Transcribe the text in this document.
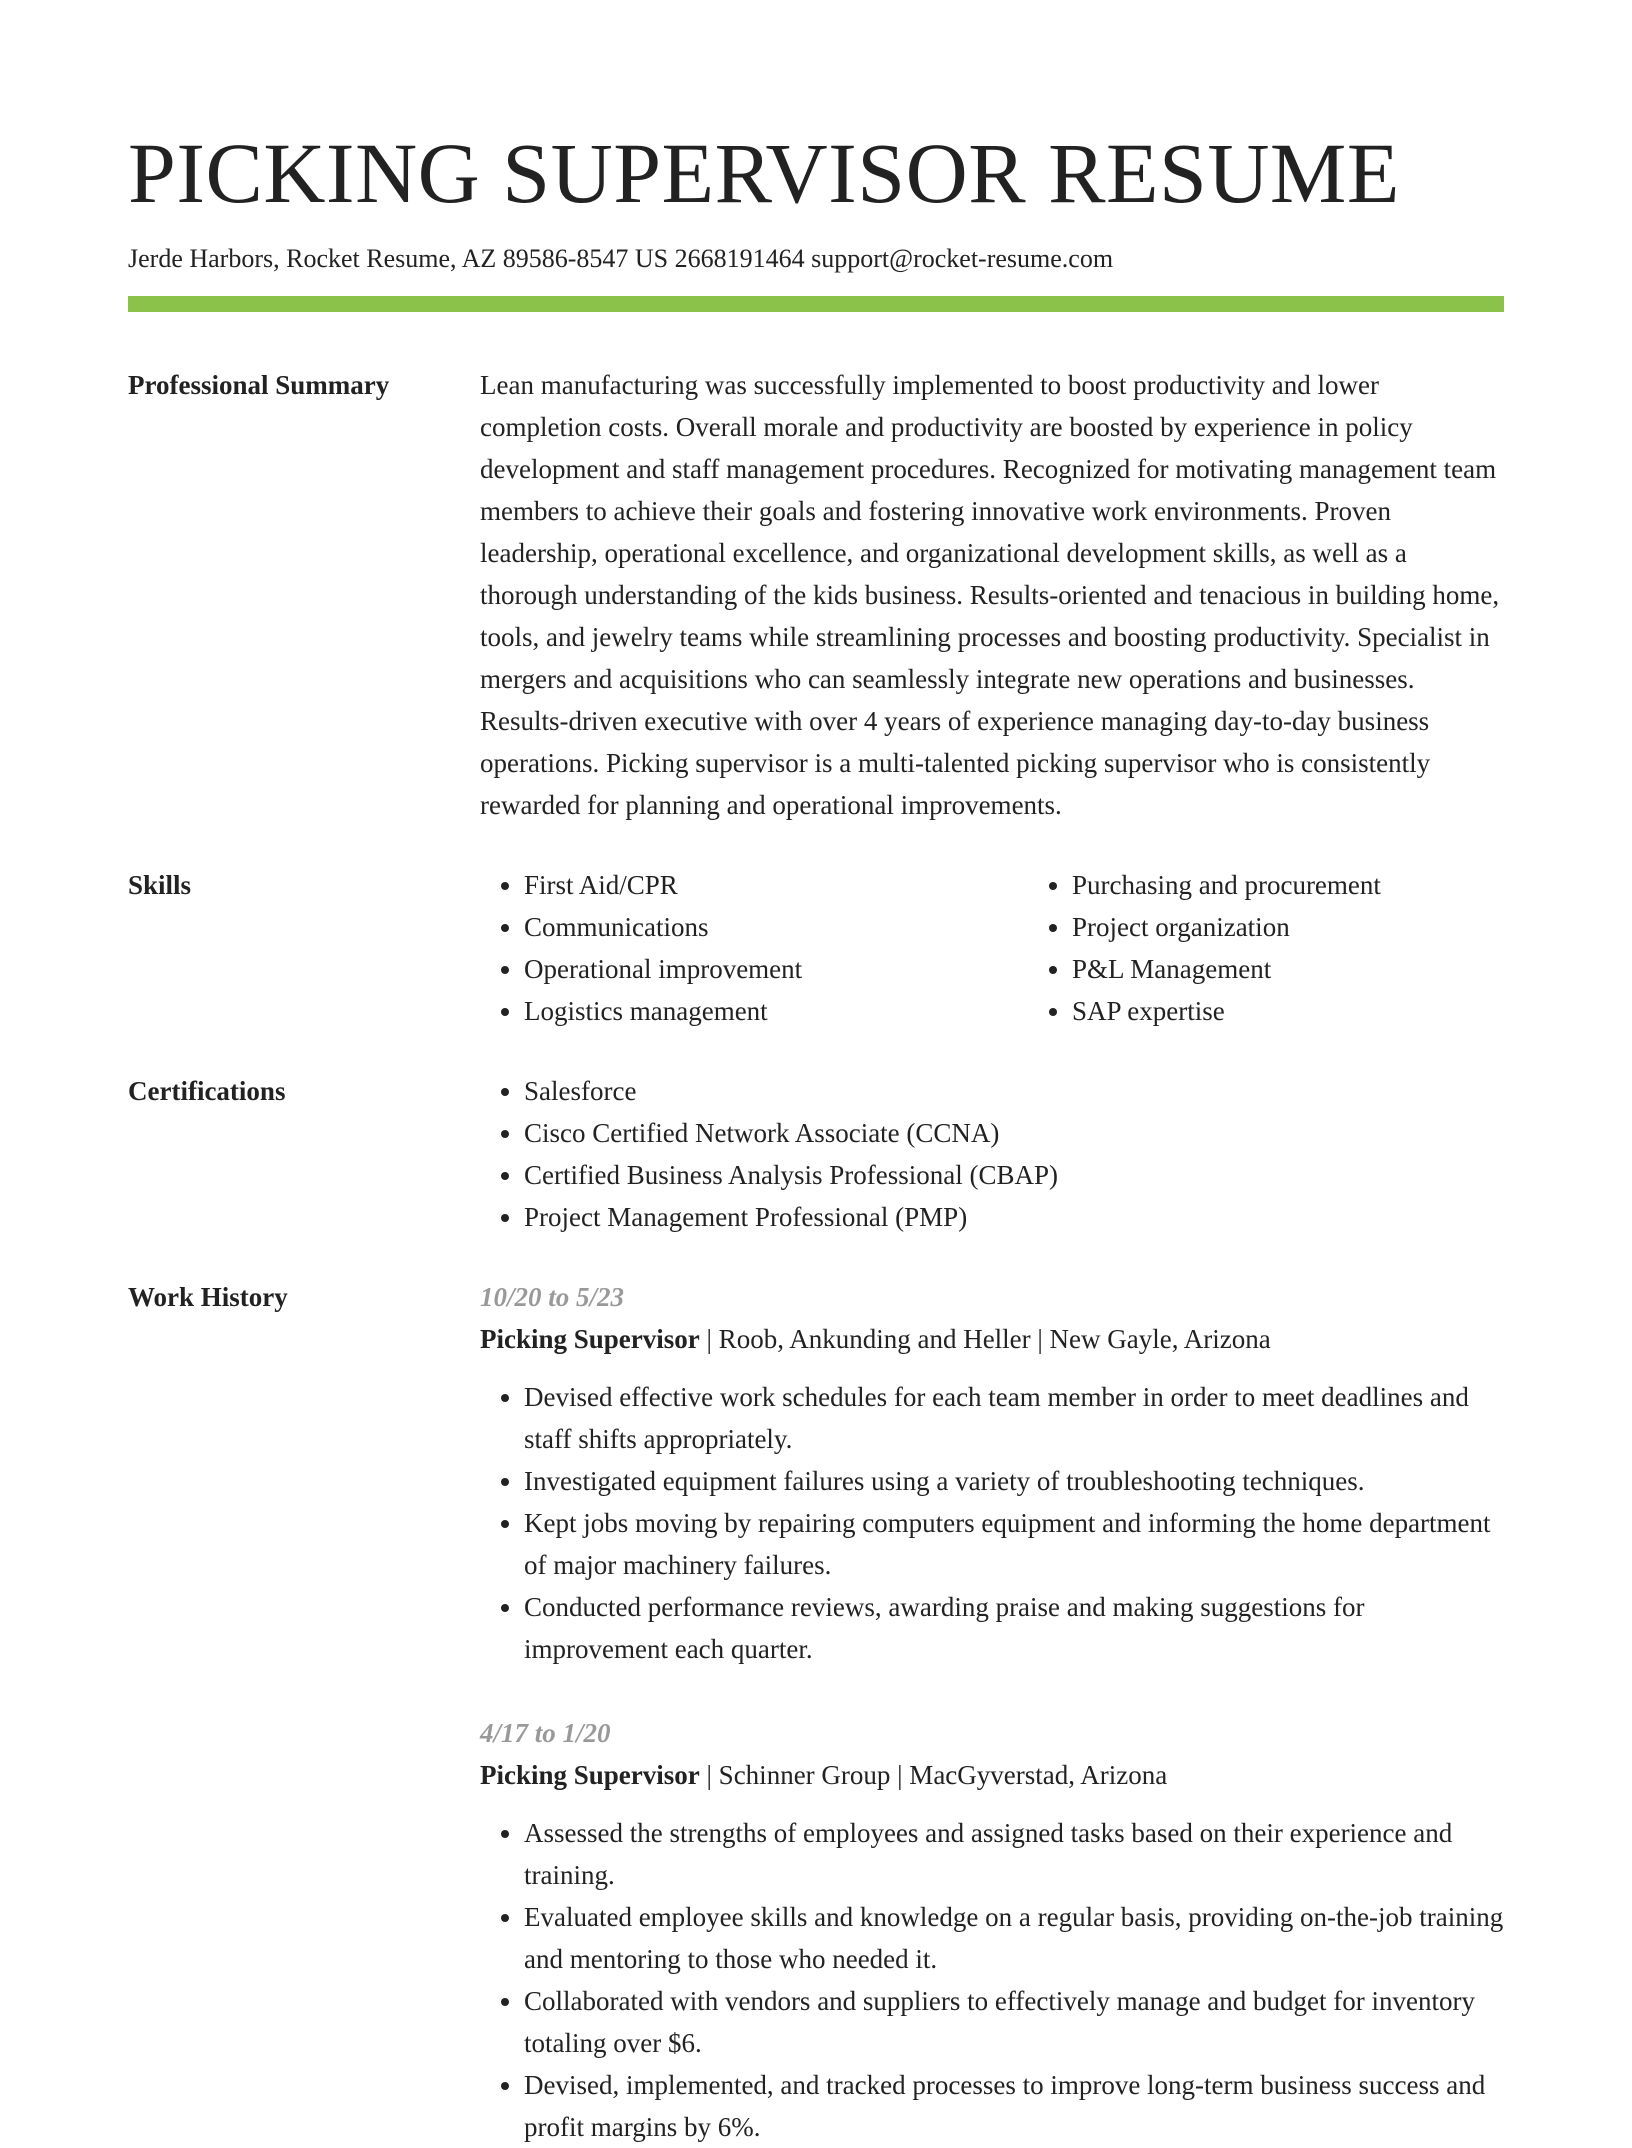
PICKING SUPERVISOR RESUME
Jerde Harbors, Rocket Resume, AZ 89586-8547 US 2668191464 support@rocket-resume.com
Professional Summary	Lean manufacturing was successfully implemented to boost productivity and lower completion costs. Overall morale and productivity are boosted by experience in policy development and staff management procedures. Recognized for motivating management team members to achieve their goals and fostering innovative work environments. Proven leadership, operational excellence, and organizational development skills, as well as a thorough understanding of the kids business. Results-oriented and tenacious in building home, tools, and jewelry teams while streamlining processes and boosting productivity. Specialist in mergers and acquisitions who can seamlessly integrate new operations and businesses. Results-driven executive with over 4 years of experience managing day-to-day business operations. Picking supervisor is a multi-talented picking supervisor who is consistently rewarded for planning and operational improvements.

Skills	• First Aid/CPR
• Communications
• Operational improvement
• Logistics management
• Purchasing and procurement
• Project organization
• P&L Management
• SAP expertise
Certifications	• Salesforce
• Cisco Certified Network Associate (CCNA)
• Certified Business Analysis Professional (CBAP)
• Project Management Professional (PMP)
Work History	10/20 to 5/23
Picking Supervisor | Roob, Ankunding and Heller | New Gayle, Arizona
• Devised effective work schedules for each team member in order to meet deadlines and staff shifts appropriately.
• Investigated equipment failures using a variety of troubleshooting techniques.
• Kept jobs moving by repairing computers equipment and informing the home department of major machinery failures.
• Conducted performance reviews, awarding praise and making suggestions for improvement each quarter.
4/17 to 1/20
Picking Supervisor | Schinner Group | MacGyverstad, Arizona
• Assessed the strengths of employees and assigned tasks based on their experience and training.
• Evaluated employee skills and knowledge on a regular basis, providing on-the-job training and mentoring to those who needed it.
• Collaborated with vendors and suppliers to effectively manage and budget for inventory totaling over $6.
• Devised, implemented, and tracked processes to improve long-term business success and profit margins by 6%.
